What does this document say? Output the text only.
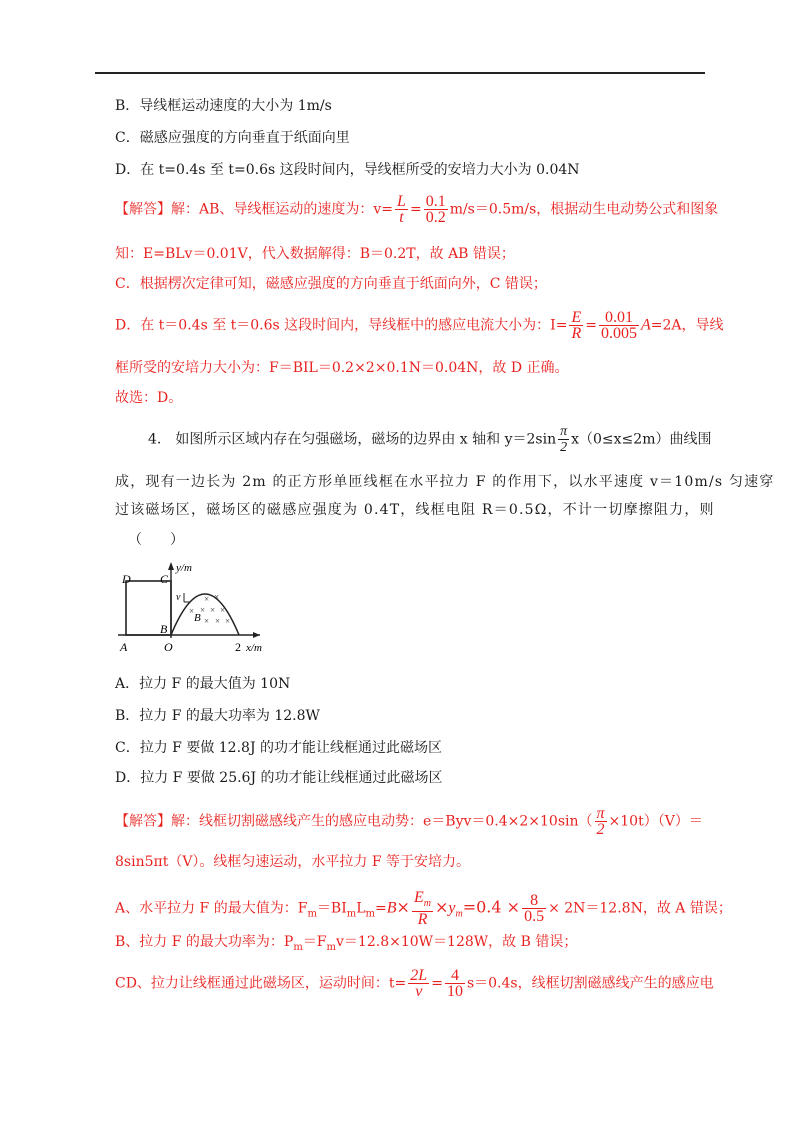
B．导线框运动速度的大小为 1m/s
C．磁感应强度的方向垂直于纸面向里
D．在 t=0.4s 至 t=0.6s 这段时间内，导线框所受的安培力大小为 0.04N
【解答】解：AB、导线框运动的速度为：$v= \frac{L}{t} = \frac{0.1}{0.2} m/s=0.5m/s$，根据动生电动势公式和图象
知：E=BLv＝0.01V，代入数据解得：B＝0.2T，故 AB 错误；
C．根据楞次定律可知，磁感应强度的方向垂直于纸面向外，C 错误；
D．在 t＝0.4s 至 t＝0.6s 这段时间内，导线框中的感应电流大小为：$I= \frac{E}{R} = \frac{0.01}{0.005} A=2A$，导线
框所受的安培力大小为：F＝BIL＝0.2×2×0.1N＝0.04N，故 D 正确。
故选：D。
4.　如图所示区域内存在匀强磁场，磁场的边界由 x 轴和 $y=2\sin \frac{\pi}{2} x(0\le x\le 2m)$曲线围
成，现有一边长为 2m 的正方形单匝线框在水平拉力 F 的作用下，以水平速度 v＝10m/s 匀速穿
过该磁场区，磁场区的磁感应强度为 0.4T，线框电阻 R＝0.5Ω，不计一切摩擦阻力，则
（　　）
D C
B
A	O
y/m
2 x/m
v
B
× ×
× × × ×
× × ×
A．拉力 F 的最大值为 10N
B．拉力 F 的最大功率为 12.8W
C．拉力 F 要做 12.8J 的功才能让线框通过此磁场区
D．拉力 F 要做 25.6J 的功才能让线框通过此磁场区
【解答】解：线框切割磁感线产生的感应电动势：$e=Byv=0.4\times 2\times 10\sin( \frac{\pi}{2} \times 10t)(V)=$
8sin5πt（V）。线框匀速运动，水平拉力 F 等于安培力。
A、水平拉力 F 的最大值为：$F_m=BI_mL_m=B\times \frac{E_m}{R} \times y_m=0.4 \times \frac{8}{0.5} \times 2N=12.8N$，故 A 错误；
B、拉力 F 的最大功率为：$P_m=F_mv=12.8\times 10W=128W$，故 B 错误；
CD、拉力让线框通过此磁场区，运动时间：$t= \frac{2L}{v} = \frac{4}{10} s=0.4s$，线框切割磁感线产生的感应电
